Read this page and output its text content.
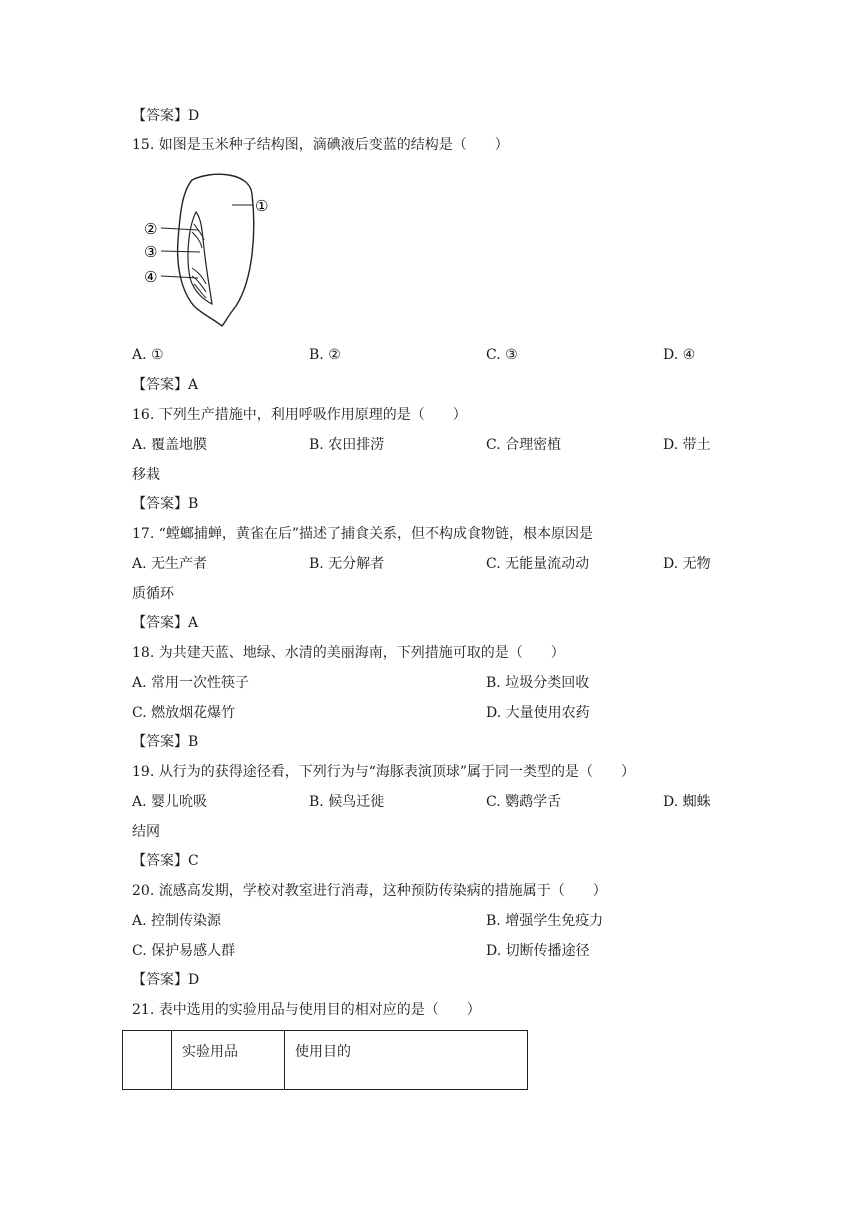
【答案】D
15. 如图是玉米种子结构图，滴碘液后变蓝的结构是（　　）
①
②
③
④
A. ①	B. ②	C. ③	D. ④
【答案】A
16. 下列生产措施中，利用呼吸作用原理的是（　　）
A. 覆盖地膜	B. 农田排涝	C. 合理密植	D. 带土
移栽
【答案】B
17. “螳螂捕蝉，黄雀在后”描述了捕食关系，但不构成食物链，根本原因是
A. 无生产者	B. 无分解者	C. 无能量流动动	D. 无物
质循环
【答案】A
18. 为共建天蓝、地绿、水清的美丽海南，下列措施可取的是（　　）
A. 常用一次性筷子	B. 垃圾分类回收
C. 燃放烟花爆竹	D. 大量使用农药
【答案】B
19. 从行为的获得途径看，下列行为与“海豚表演顶球”属于同一类型的是（　　）
A. 婴儿吮吸	B. 候鸟迁徙	C. 鹦鹉学舌	D. 蜘蛛
结网
【答案】C
20. 流感高发期，学校对教室进行消毒，这种预防传染病的措施属于（　　）
A. 控制传染源	B. 增强学生免疫力
C. 保护易感人群	D. 切断传播途径
【答案】D
21. 表中选用的实验用品与使用目的相对应的是（　　）
	实验用品	使用目的
